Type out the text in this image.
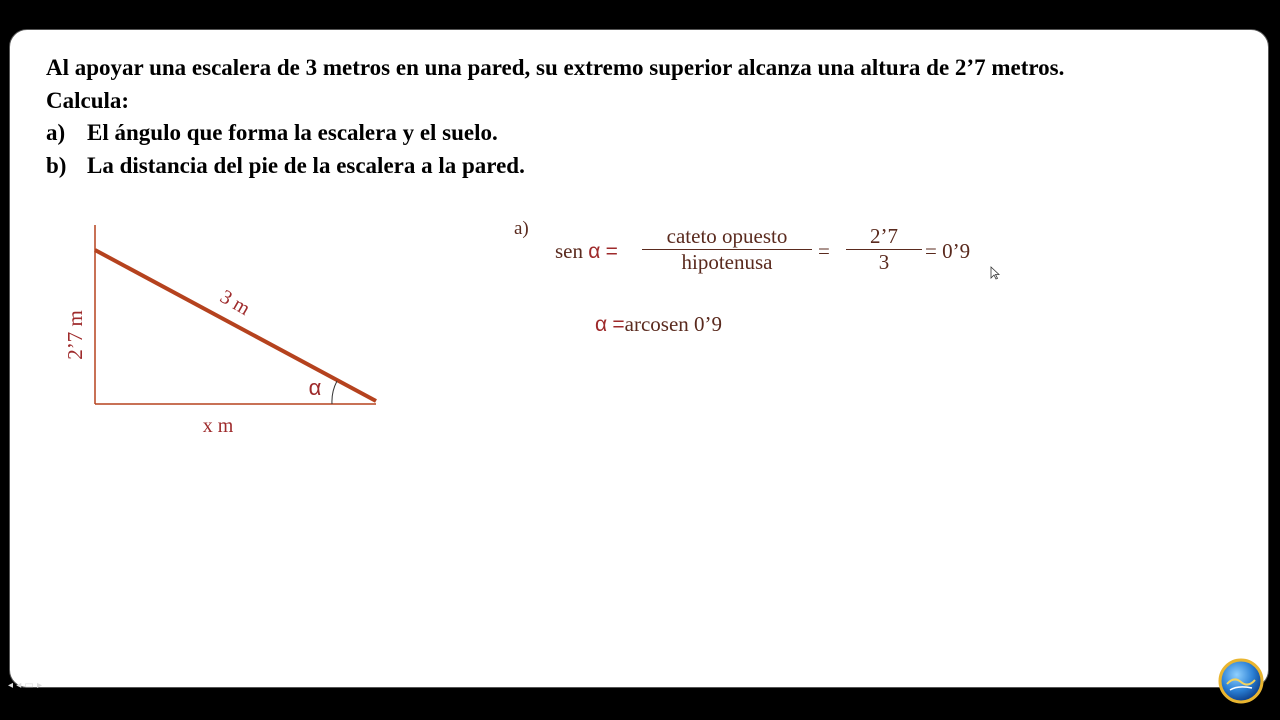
Al apoyar una escalera de 3 metros en una pared, su extremo superior alcanza una altura de 2’7 metros.

Calcula:

a) El ángulo que forma la escalera y el suelo.

b) La distancia del pie de la escalera a la pared.

2’7 m
3 m
x m
α
a)
sen α =
cateto opuesto
hipotenusa	= $\frac{2’7}{3}$ = 0’9
α =arcosen 0’9
◂ ◂ ▭ ▸
